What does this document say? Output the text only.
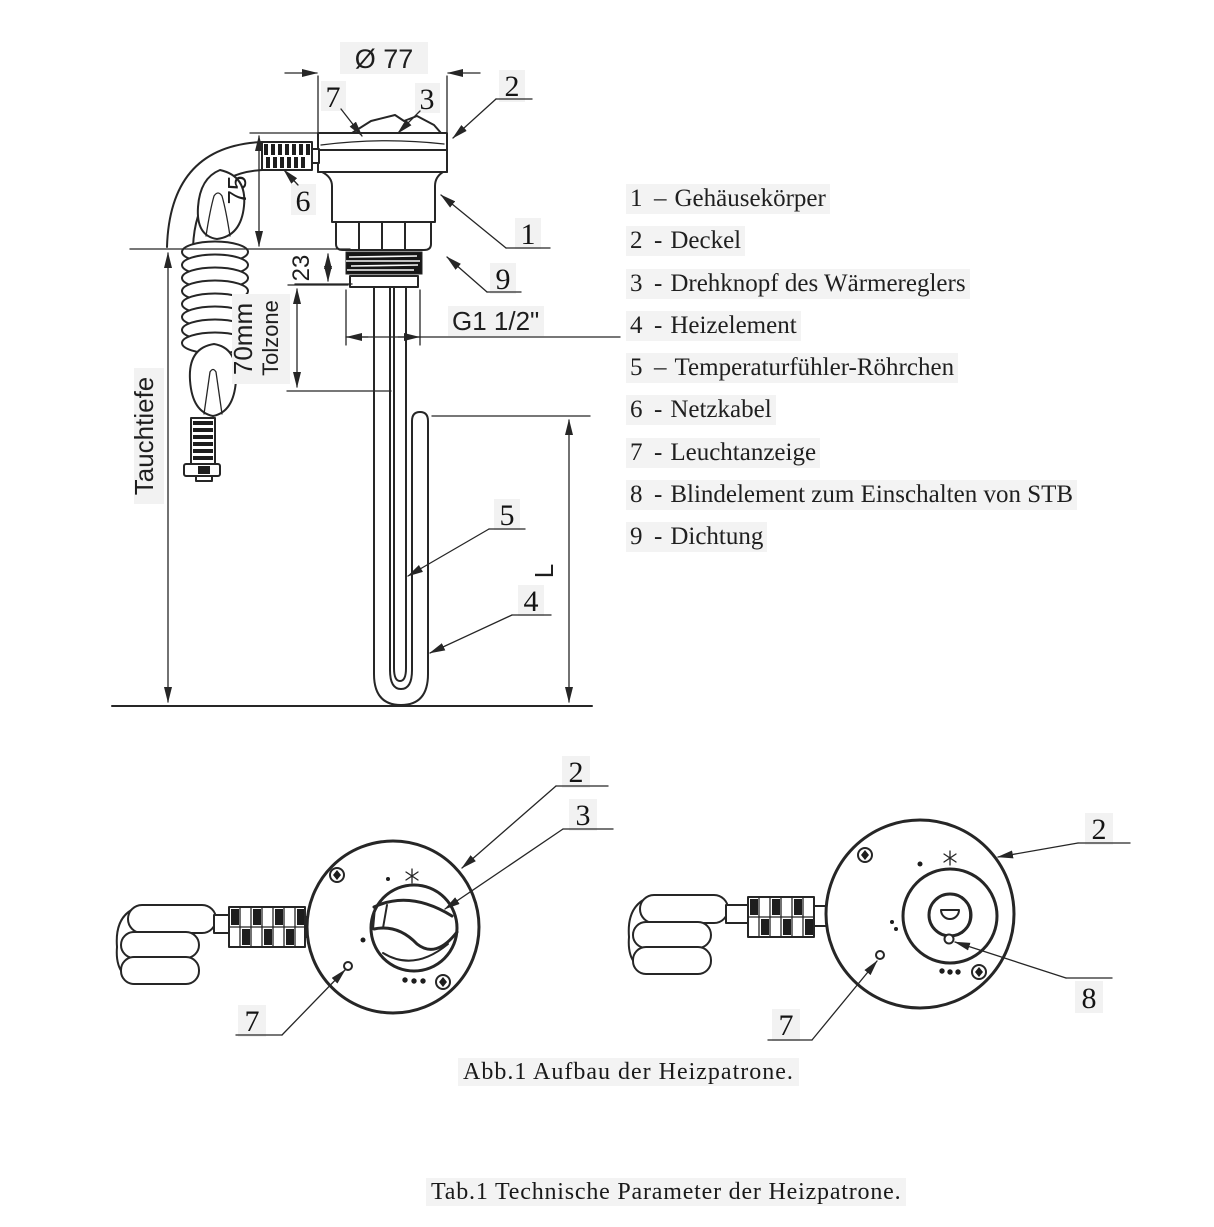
Ø 77
75
23
70mm Tolzone
Tauchtiefe
G1 1/2"
L
7	3 2
6
1
9
5
4
2
3
7
2
8
7
1 – Gehäusekörper
2 - Deckel
3 - Drehknopf des Wärmereglers
4 - Heizelement
5 – Temperaturfühler-Röhrchen
6 - Netzkabel
7 - Leuchtanzeige
8 - Blindelement zum Einschalten von STB
9 - Dichtung
Abb.1 Aufbau der Heizpatrone.
Tab.1 Technische Parameter der Heizpatrone.
